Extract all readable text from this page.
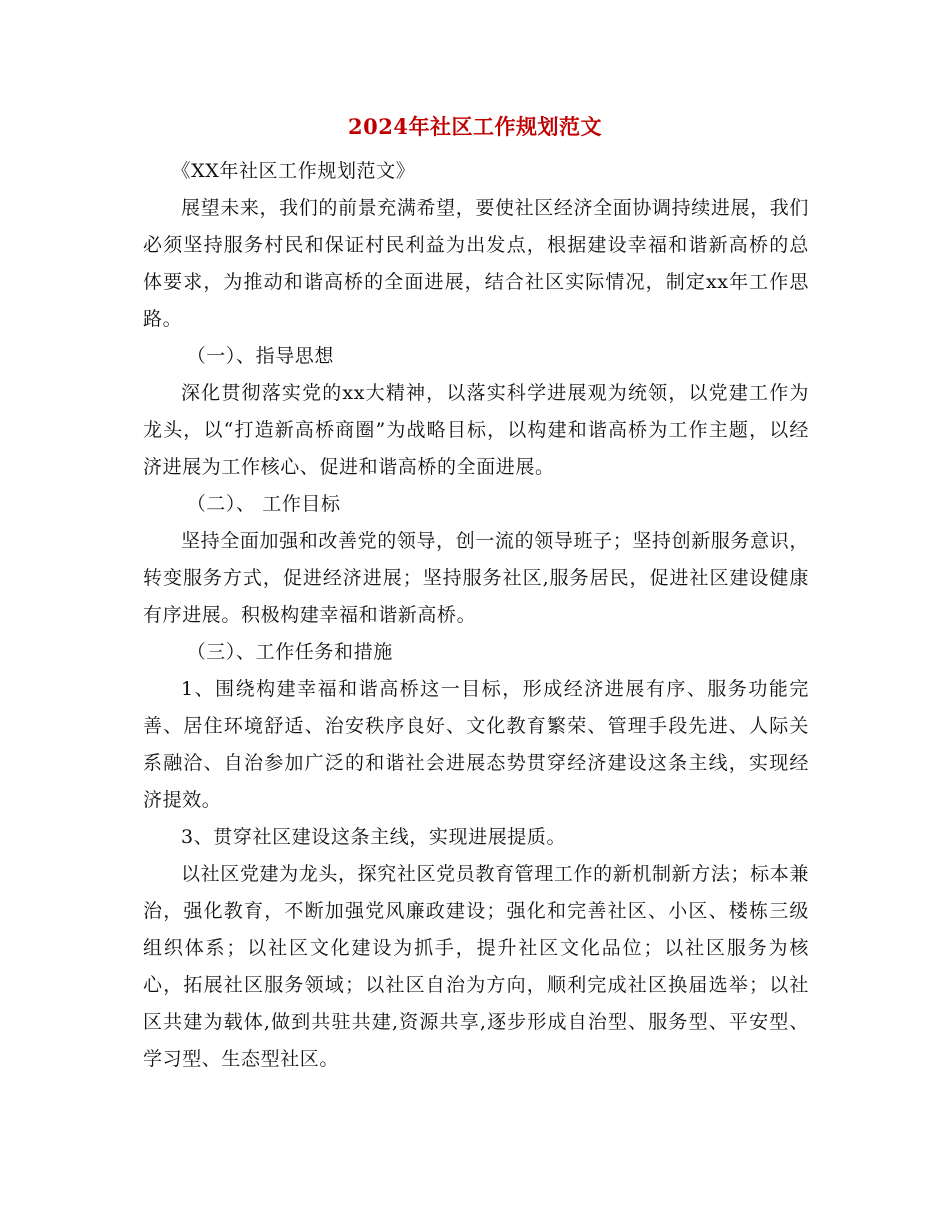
2024年社区工作规划范文

《XX年社区工作规划范文》

展望未来，我们的前景充满希望，要使社区经济全面协调持续进展，我们必须坚持服务村民和保证村民利益为出发点，根据建设幸福和谐新高桥的总体要求，为推动和谐高桥的全面进展，结合社区实际情况，制定xx年工作思路。

（一）、指导思想

深化贯彻落实党的xx大精神，以落实科学进展观为统领，以党建工作为龙头，以“打造新高桥商圈”为战略目标，以构建和谐高桥为工作主题，以经济进展为工作核心、促进和谐高桥的全面进展。

（二）、 工作目标

坚持全面加强和改善党的领导，创一流的领导班子；坚持创新服务意识，转变服务方式，促进经济进展；坚持服务社区,服务居民，促进社区建设健康有序进展。积极构建幸福和谐新高桥。

（三）、工作任务和措施

1、围绕构建幸福和谐高桥这一目标，形成经济进展有序、服务功能完善、居住环境舒适、治安秩序良好、文化教育繁荣、管理手段先进、人际关系融洽、自治参加广泛的和谐社会进展态势贯穿经济建设这条主线，实现经济提效。

3、贯穿社区建设这条主线，实现进展提质。

以社区党建为龙头，探究社区党员教育管理工作的新机制新方法；标本兼治，强化教育，不断加强党风廉政建设；强化和完善社区、小区、楼栋三级组织体系；以社区文化建设为抓手，提升社区文化品位；以社区服务为核心，拓展社区服务领域；以社区自治为方向，顺利完成社区换届选举；以社区共建为载体,做到共驻共建,资源共享,逐步形成自治型、服务型、平安型、学习型、生态型社区。
